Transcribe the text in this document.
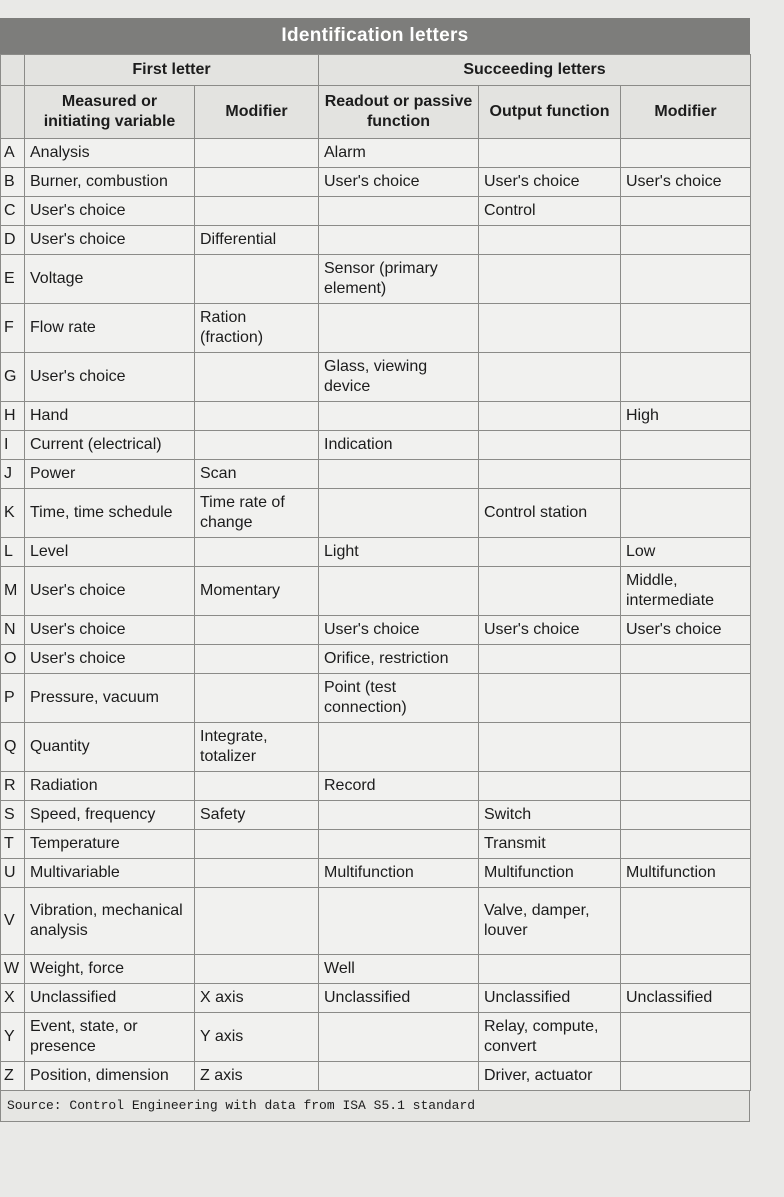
Identification letters
	First letter		Succeeding letters		
	Measured or initiating variable	Modifier	Readout or passive function	Output function	Modifier
A	Analysis		Alarm		
B	Burner, combustion		User's choice	User's choice	User's choice
C	User's choice			Control	
D	User's choice	Differential			
E	Voltage		Sensor (primary element)		
F	Flow rate	Ration (fraction)			
G	User's choice		Glass, viewing device		
H	Hand				High
I	Current (electrical)		Indication		
J	Power	Scan			
K	Time, time schedule	Time rate of change		Control station	
L	Level		Light		Low
M	User's choice	Momentary			Middle, intermediate
N	User's choice		User's choice	User's choice	User's choice
O	User's choice		Orifice, restriction		
P	Pressure, vacuum		Point (test connection)		
Q	Quantity	Integrate, totalizer			
R	Radiation		Record		
S	Speed, frequency	Safety		Switch	
T	Temperature			Transmit	
U	Multivariable		Multifunction	Multifunction	Multifunction
V	Vibration, mechanical analysis			Valve, damper, louver	
W	Weight, force		Well		
X	Unclassified	X axis	Unclassified	Unclassified	Unclassified
Y	Event, state, or presence	Y axis		Relay, compute, convert	
Z	Position, dimension	Z axis		Driver, actuator	
Source: Control Engineering with data from ISA S5.1 standard
